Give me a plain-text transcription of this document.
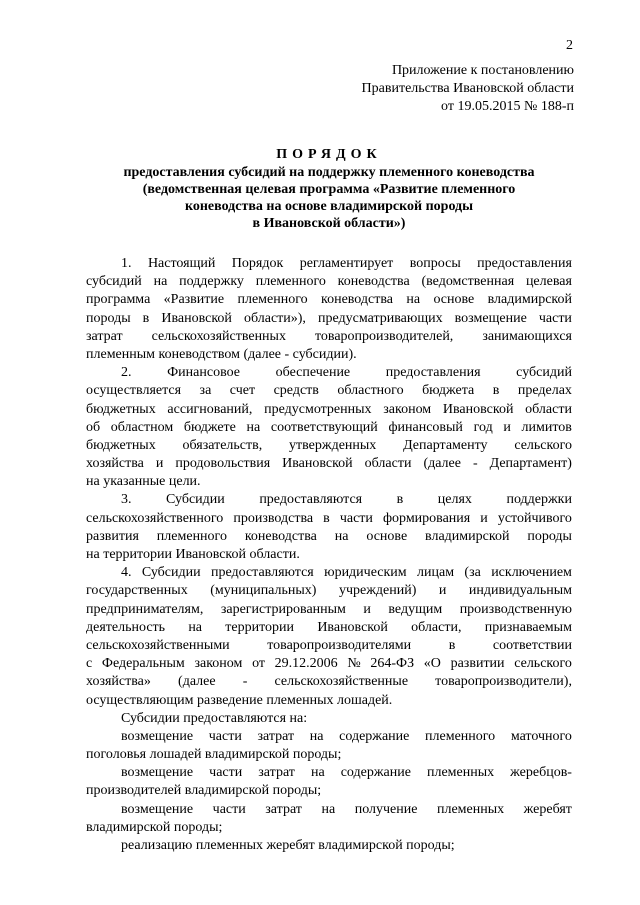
2
Приложение к постановлению
Правительства Ивановской области
от 19.05.2015 № 188-п
ПОРЯДОК
предоставления субсидий на поддержку племенного коневодства
(ведомственная целевая программа «Развитие племенного
коневодства на основе владимирской породы
в Ивановской области»)
1. Настоящий Порядок регламентирует вопросы предоставления
субсидий на поддержку племенного коневодства (ведомственная целевая
программа «Развитие племенного коневодства на основе владимирской
породы в Ивановской области»), предусматривающих возмещение части
затрат сельскохозяйственных товаропроизводителей, занимающихся
племенным коневодством (далее - субсидии).
2.	Финансовое	обеспечение	предоставления	субсидий
осуществляется за счет средств областного бюджета в пределах
бюджетных ассигнований, предусмотренных законом Ивановской области
об областном бюджете на соответствующий финансовый год и лимитов
бюджетных обязательств, утвержденных Департаменту сельского
хозяйства и продовольствия Ивановской области (далее - Департамент)
на указанные цели.
3. Субсидии предоставляются в целях поддержки
сельскохозяйственного производства в части формирования и устойчивого
развития племенного коневодства на основе владимирской породы
на территории Ивановской области.
4. Субсидии предоставляются юридическим лицам (за исключением
государственных (муниципальных) учреждений) и индивидуальным
предпринимателям, зарегистрированным и ведущим производственную
деятельность на территории Ивановской области, признаваемым
сельскохозяйственными	товаропроизводителями	в	соответствии
с Федеральным законом от 29.12.2006 № 264-ФЗ «О развитии сельского
хозяйства» (далее - сельскохозяйственные товаропроизводители),
осуществляющим разведение племенных лошадей.
Субсидии предоставляются на:
возмещение части затрат на содержание племенного маточного
поголовья лошадей владимирской породы;
возмещение части затрат на содержание племенных жеребцов-
производителей владимирской породы;
возмещение части затрат на получение племенных жеребят
владимирской породы;
реализацию племенных жеребят владимирской породы;
